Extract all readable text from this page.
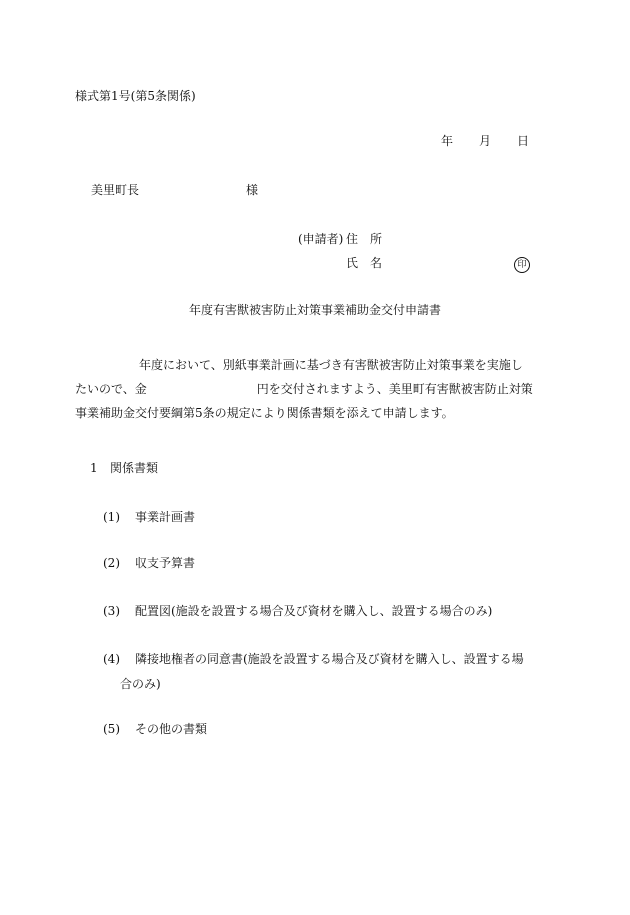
様式第1号(第5条関係)
年 月 日
美里町長	様
(申請者) 住　所
氏　名	印
年度有害獣被害防止対策事業補助金交付申請書
年度において、別紙事業計画に基づき有害獣被害防止対策事業を実施し
たいので、金	円を交付されますよう、美里町有害獣被害防止対策
事業補助金交付要綱第5条の規定により関係書類を添えて申請します。
1 関係書類
(1) 事業計画書
(2) 収支予算書
(3) 配置図(施設を設置する場合及び資材を購入し、設置する場合のみ)
(4) 隣接地権者の同意書(施設を設置する場合及び資材を購入し、設置する場
合のみ)
(5) その他の書類
